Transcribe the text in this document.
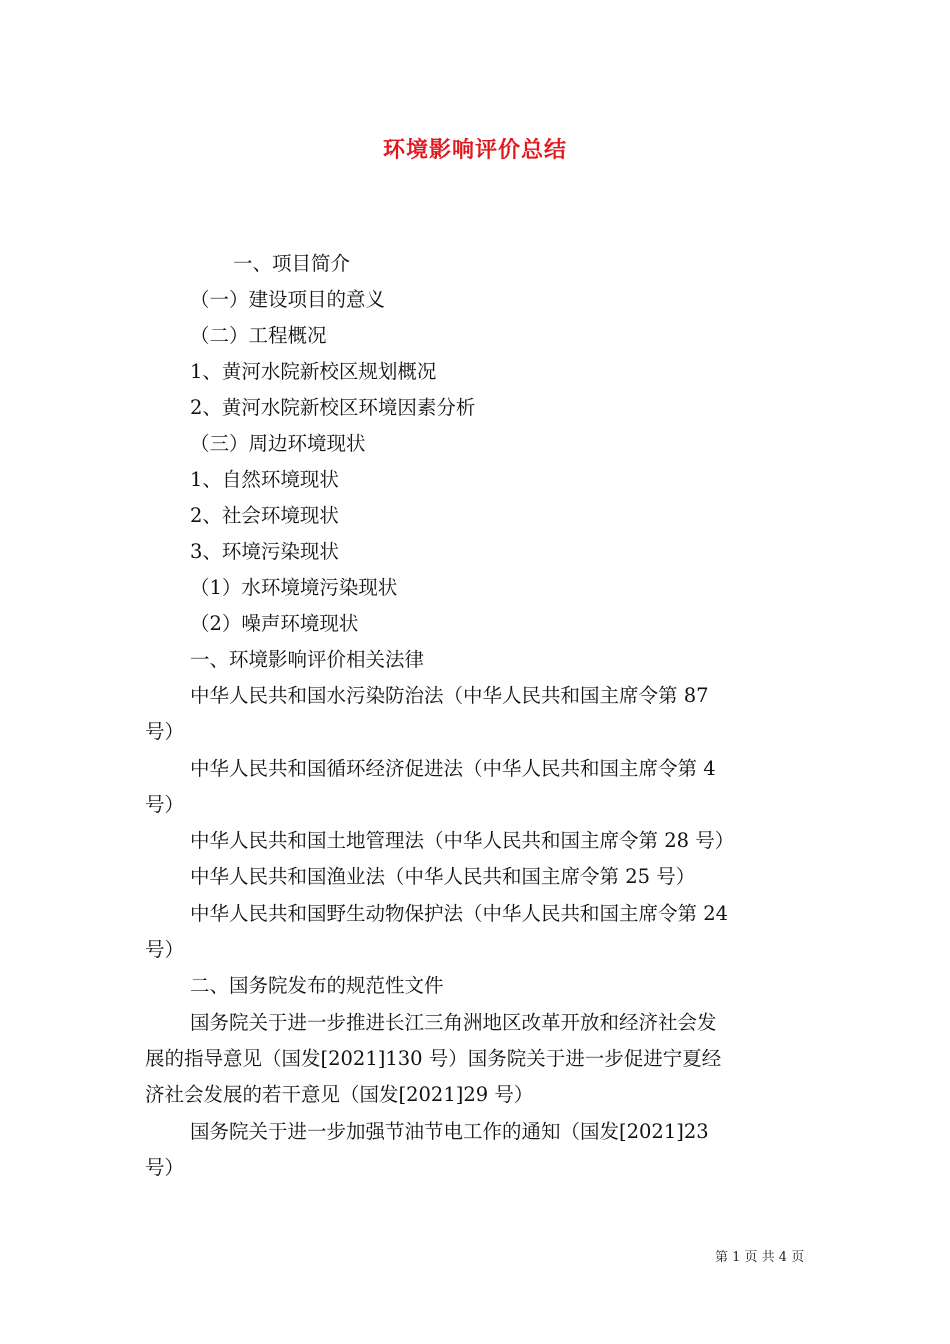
环境影响评价总结
一、项目简介
（一）建设项目的意义
（二）工程概况
1、黄河水院新校区规划概况
2、黄河水院新校区环境因素分析
（三）周边环境现状
1、自然环境现状
2、社会环境现状
3、环境污染现状
（1）水环境境污染现状
（2）噪声环境现状
一、环境影响评价相关法律
中华人民共和国水污染防治法（中华人民共和国主席令第 87
号）
中华人民共和国循环经济促进法（中华人民共和国主席令第 4
号）
中华人民共和国土地管理法（中华人民共和国主席令第 28 号）
中华人民共和国渔业法（中华人民共和国主席令第 25 号）
中华人民共和国野生动物保护法（中华人民共和国主席令第 24
号）
二、国务院发布的规范性文件
国务院关于进一步推进长江三角洲地区改革开放和经济社会发
展的指导意见（国发[2021]130 号）国务院关于进一步促进宁夏经
济社会发展的若干意见（国发[2021]29 号）
国务院关于进一步加强节油节电工作的通知（国发[2021]23
号）
第 1 页 共 4 页
